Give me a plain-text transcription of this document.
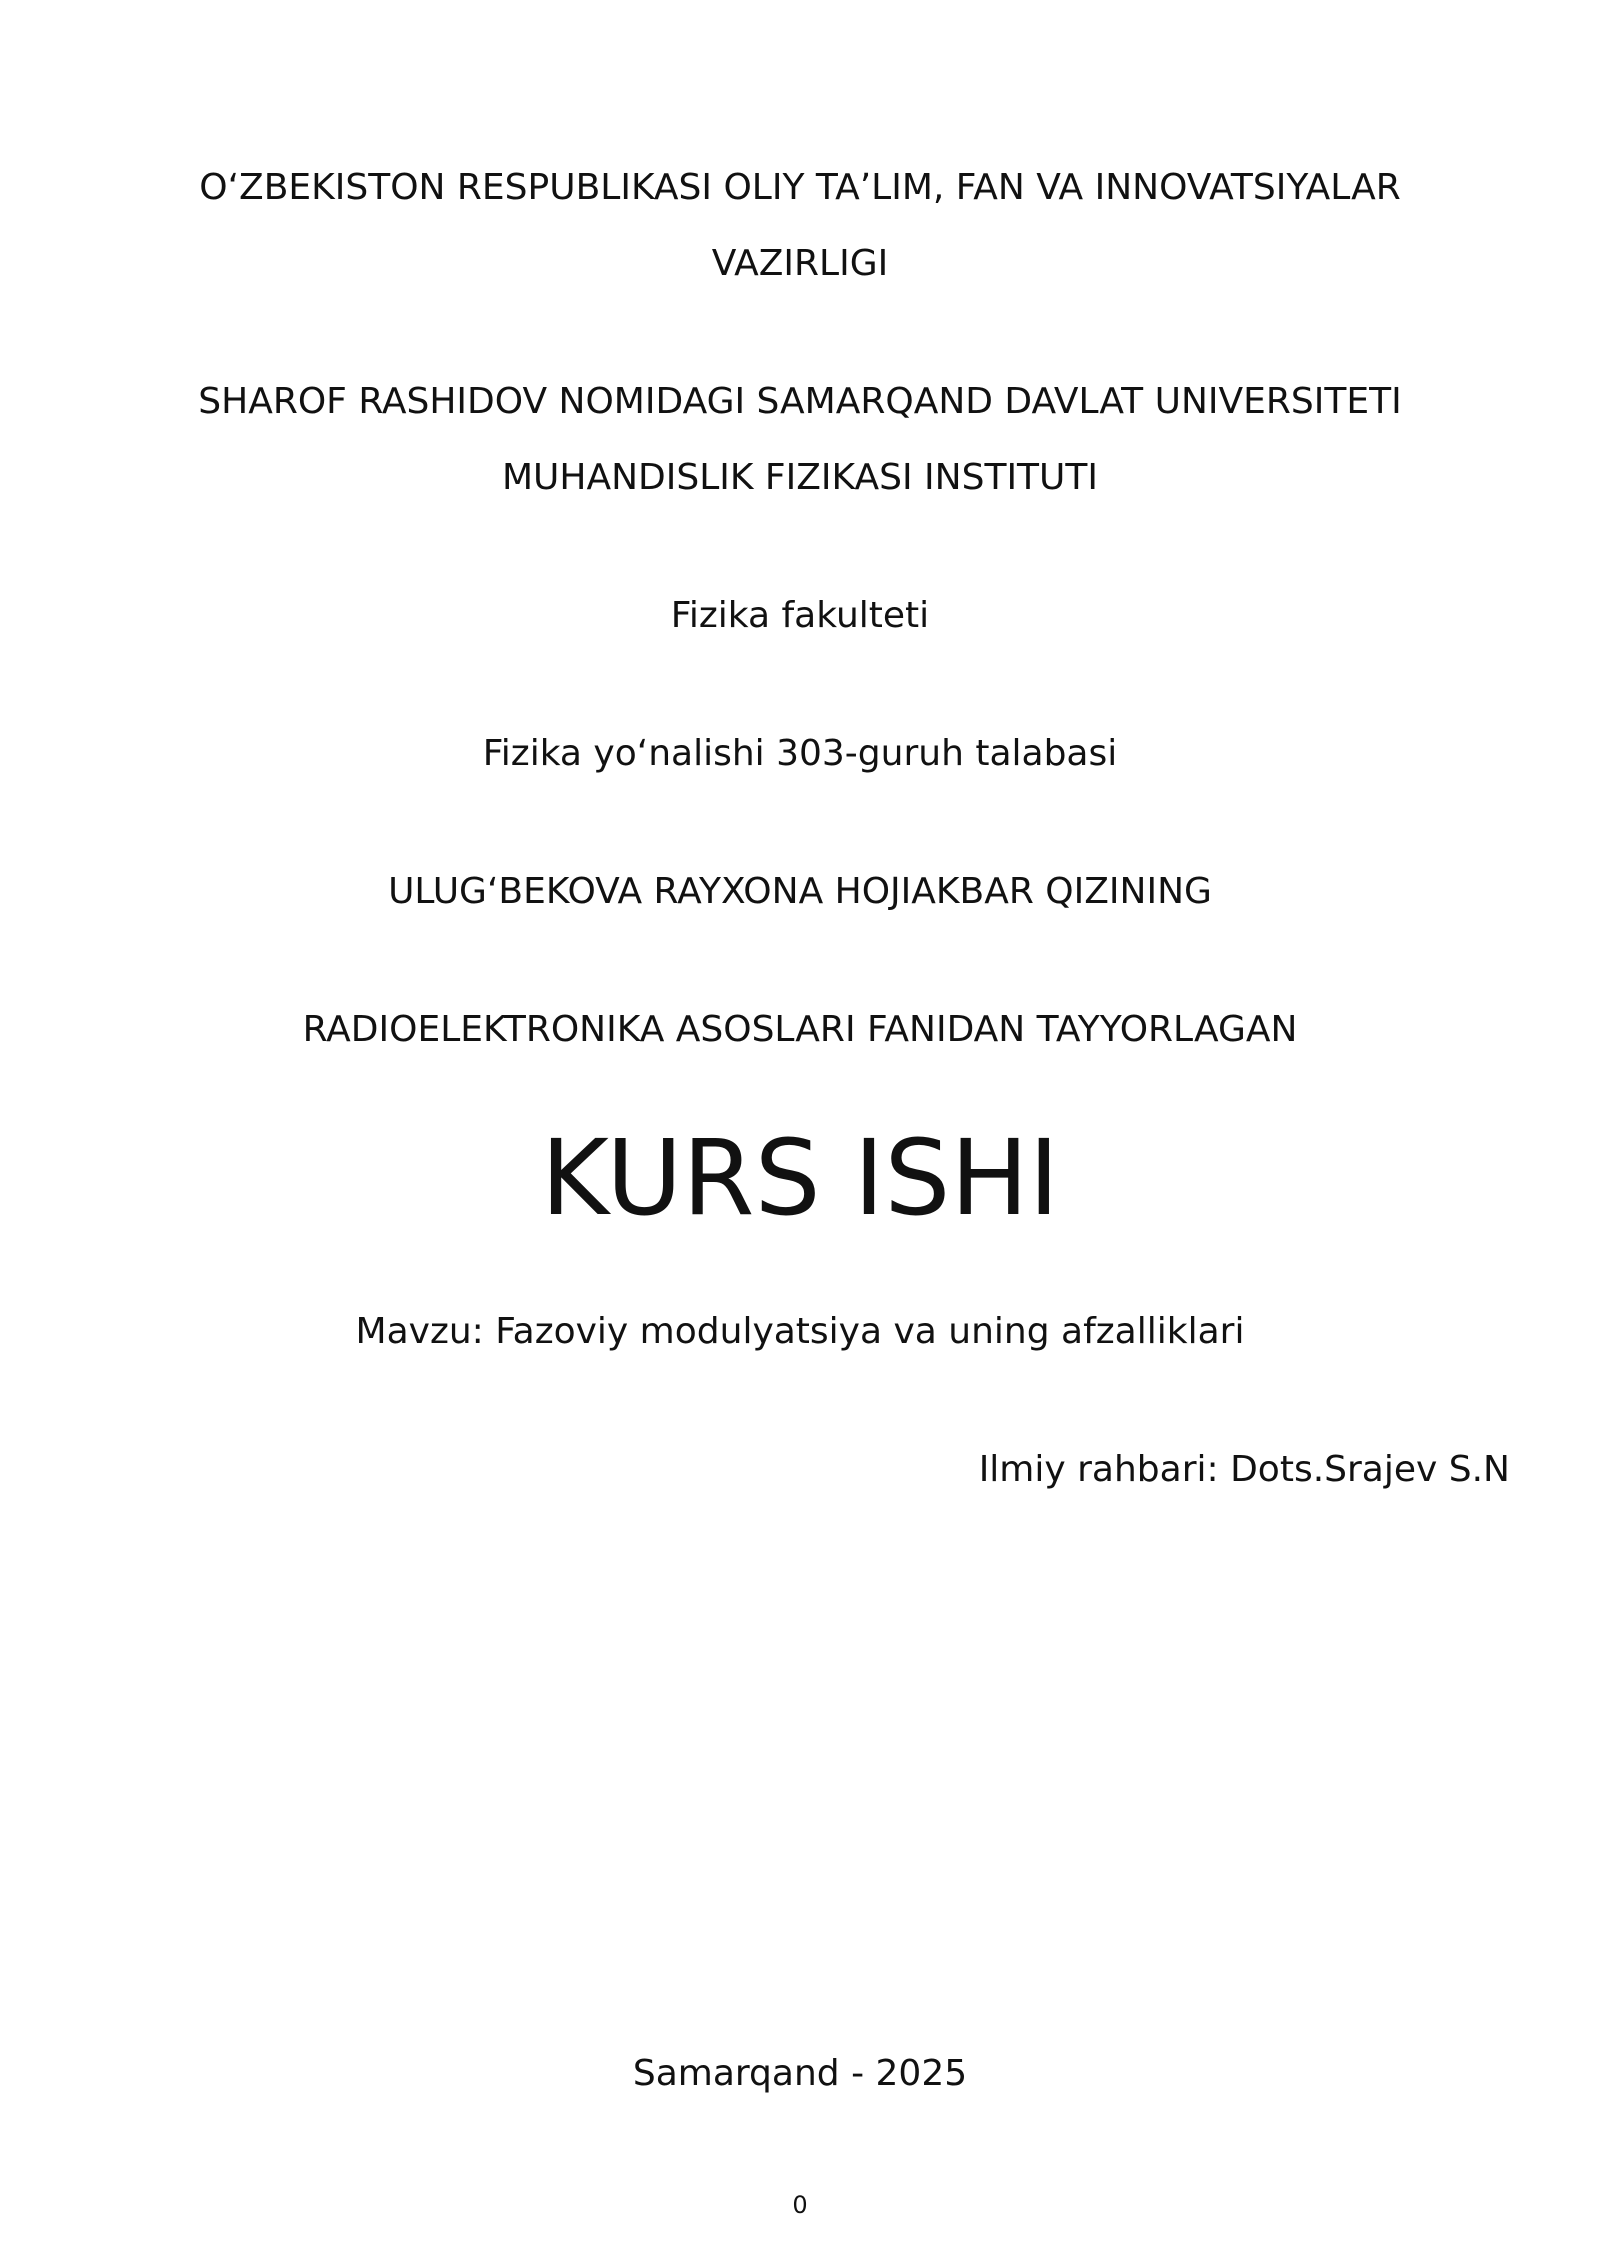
O‘ZBEKISTON RESPUBLIKASI OLIY TA’LIM, FAN VA INNOVATSIYALAR
VAZIRLIGI
SHAROF RASHIDOV NOMIDAGI SAMARQAND DAVLAT UNIVERSITETI
MUHANDISLIK FIZIKASI INSTITUTI
Fizika fakulteti
Fizika yo‘nalishi 303-guruh talabasi
ULUG‘BEKOVA RAYXONA HOJIAKBAR QIZINING
RADIOELEKTRONIKA ASOSLARI FANIDAN TAYYORLAGAN
KURS ISHI
Mavzu: Fazoviy modulyatsiya va uning afzalliklari
Ilmiy rahbari: Dots.Srajev S.N
Samarqand - 2025
0
